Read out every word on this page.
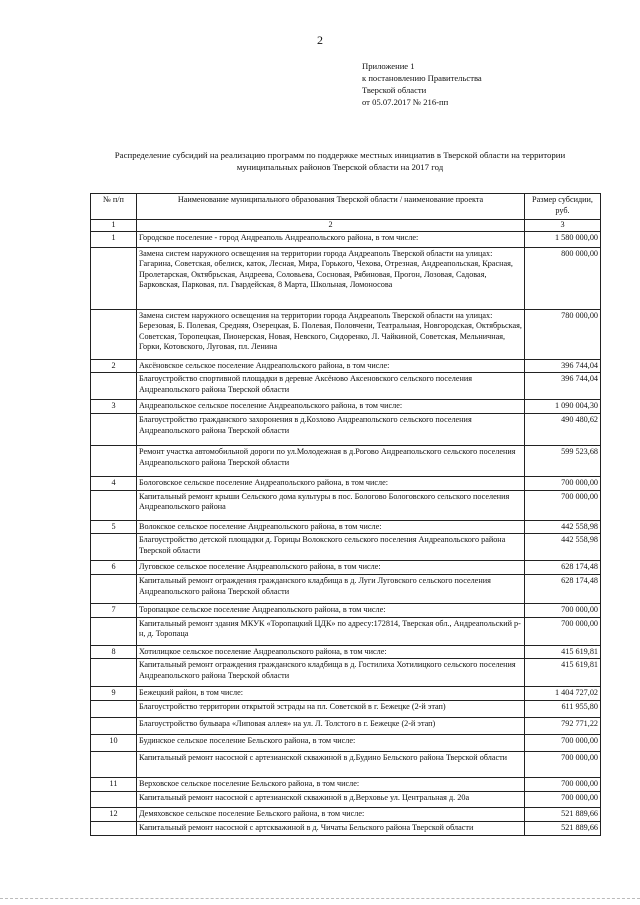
2
Приложение 1
к постановлению Правительства
Тверской области
от 05.07.2017 № 216-пп
Распределение субсидий на реализацию программ по поддержке местных инициатив в Тверской области на территории муниципальных районов Тверской области на 2017 год
№ п/п	Наименование муниципального образования Тверской области / наименование проекта	Размер субсидии, руб.
1	2	3
1	Городское поселение - город Андреаполь Андреапольского района, в том числе:	1 580 000,00
	Замена систем наружного освещения на территории города Андреаполь Тверской области на улицах: Гагарина, Советская, обелиск, каток, Лесная, Мира, Горького, Чехова, Отрезная, Андреапольская, Красная, Пролетарская, Октябрьская, Андреева, Соловьева, Сосновая, Рябиновая, Прогон, Лозовая, Садовая, Барковская, Парковая, пл. Гвардейская, 8 Марта, Школьная, Ломоносова	800 000,00
	Замена систем наружного освещения на территории города Андреаполь Тверской области на улицах: Березовая, Б. Полевая, Средняя, Озерецкая, Б. Полевая, Половчени, Театральная, Новгородская, Октябрьская, Советская, Торопецкая, Пионерская, Новая, Невского, Сидоренко, Л. Чайкиной, Советская, Мельничная, Горки, Котовского, Луговая, пл. Ленина	780 000,00
2	Аксёновское сельское поселение Андреапольского района, в том числе:	396 744,04
	Благоустройство спортивной площадки в деревне Аксёново Аксеновского сельского поселения Андреапольского района Тверской области	396 744,04
3	Андреапольское сельское поселение Андреапольского района, в том числе:	1 090 004,30
	Благоустройство гражданского захоронения в д.Козлово Андреапольского сельского поселения Андреапольского района Тверской области	490 480,62
	Ремонт участка автомобильной дороги по ул.Молодежная в д.Рогово Андреапольского сельского поселения Андреапольского района Тверской области	599 523,68
4	Бологовское сельское поселение Андреапольского района, в том числе:	700 000,00
	Капитальный ремонт крыши Сельского дома культуры в пос. Бологово Бологовского сельского поселения Андреапольского района	700 000,00
5	Волокское сельское поселение Андреапольского района, в том числе:	442 558,98
	Благоустройство детской площадки д. Горицы Волокского сельского поселения Андреапольского района Тверской области	442 558,98
6	Луговское сельское поселение Андреапольского района, в том числе:	628 174,48
	Капитальный ремонт ограждения гражданского кладбища в д. Луги Луговского сельского поселения Андреапольского района Тверской области	628 174,48
7	Торопацкое сельское поселение Андреапольского района, в том числе:	700 000,00
	Капитальный ремонт здания МКУК «Торопацкий ЦДК» по адресу:172814, Тверская обл., Андреапольский р-н, д. Торопаца	700 000,00
8	Хотилицкое сельское поселение Андреапольского района, в том числе:	415 619,81
	Капитальный ремонт ограждения гражданского кладбища в д. Гостилиха Хотилицкого сельского поселения Андреапольского района Тверской области	415 619,81
9	Бежецкий район, в том числе:	1 404 727,02
	Благоустройство территории открытой эстрады на пл. Советской в г. Бежецке (2-й этап)	611 955,80
	Благоустройство бульвара «Липовая аллея» на ул. Л. Толстого в г. Бежецке (2-й этап)	792 771,22
10	Будинское сельское поселение Бельского района, в том числе:	700 000,00
	Капитальный ремонт насосной с артезианской скважиной в д.Будино Бельского района Тверской области	700 000,00
11	Верховское сельское поселение Бельского района, в том числе:	700 000,00
	Капитальный ремонт насосной с артезианской скважиной в д.Верховье ул. Центральная д. 20а	700 000,00
12	Демяховское сельское поселение Бельского района, в том числе:	521 889,66
	Капитальный ремонт насосной с артскважиной в д. Чичаты Бельского района Тверской области	521 889,66
